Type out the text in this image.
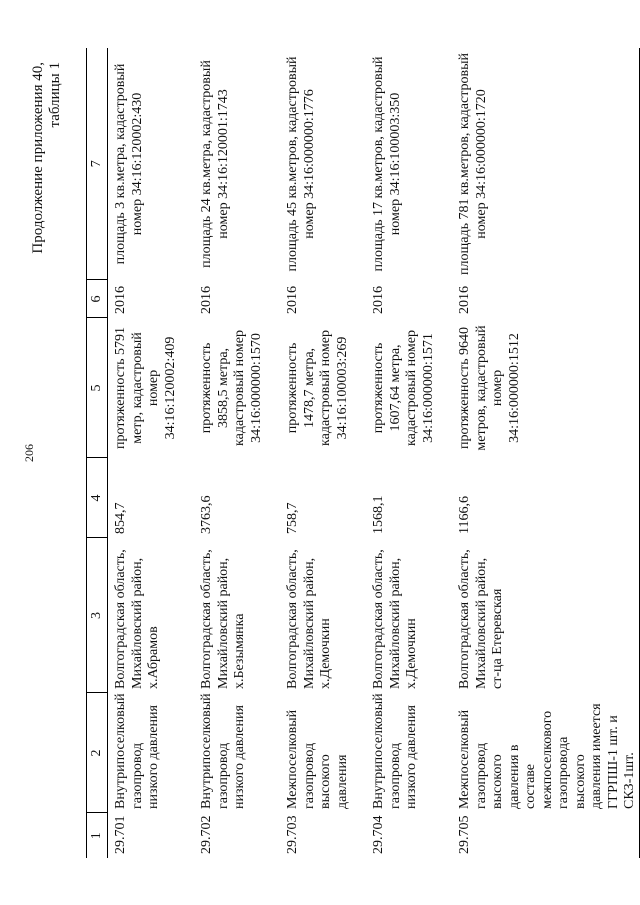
206
Продолжение приложения 40, таблицы 1
1	2	3	4	5	6	7
29.701	Внутрипоселковый газопровод низкого давления	Волгоградская область, Михайловский район, х.Абрамов	854,7	протяженность 5791 метр, кадастровый номер 34:16:120002:409	2016	площадь 3 кв.метра, кадастровый номер 34:16:120002:430
29.702	Внутрипоселковый газопровод низкого давления	Волгоградская область, Михайловский район, х.Безымянка	3763,6	протяженность 3858,5 метра, кадастровый номер 34:16:000000:1570	2016	площадь 24 кв.метра, кадастровый номер 34:16:120001:1743
29.703	Межпоселковый газопровод высокого давления	Волгоградская область, Михайловский район, х.Демочкин	758,7	протяженность 1478,7 метра, кадастровый номер 34:16:100003:269	2016	площадь 45 кв.метров, кадастровый номер 34:16:000000:1776
29.704	Внутрипоселковый газопровод низкого давления	Волгоградская область, Михайловский район, х.Демочкин	1568,1	протяженность 1607,64 метра, кадастровый номер 34:16:000000:1571	2016	площадь 17 кв.метров, кадастровый номер 34:16:100003:350
29.705	Межпоселковый газопровод высокого давления в составе межпоселкового газопровода высокого давления имеется ГГРПШ-1 шт. и СКЗ-1шт.	Волгоградская область, Михайловский район, ст-ца Етеревская	1166,6	протяженность 9640 метров, кадастровый номер 34:16:000000:1512	2016	площадь 781 кв.метров, кадастровый номер 34:16:000000:1720
